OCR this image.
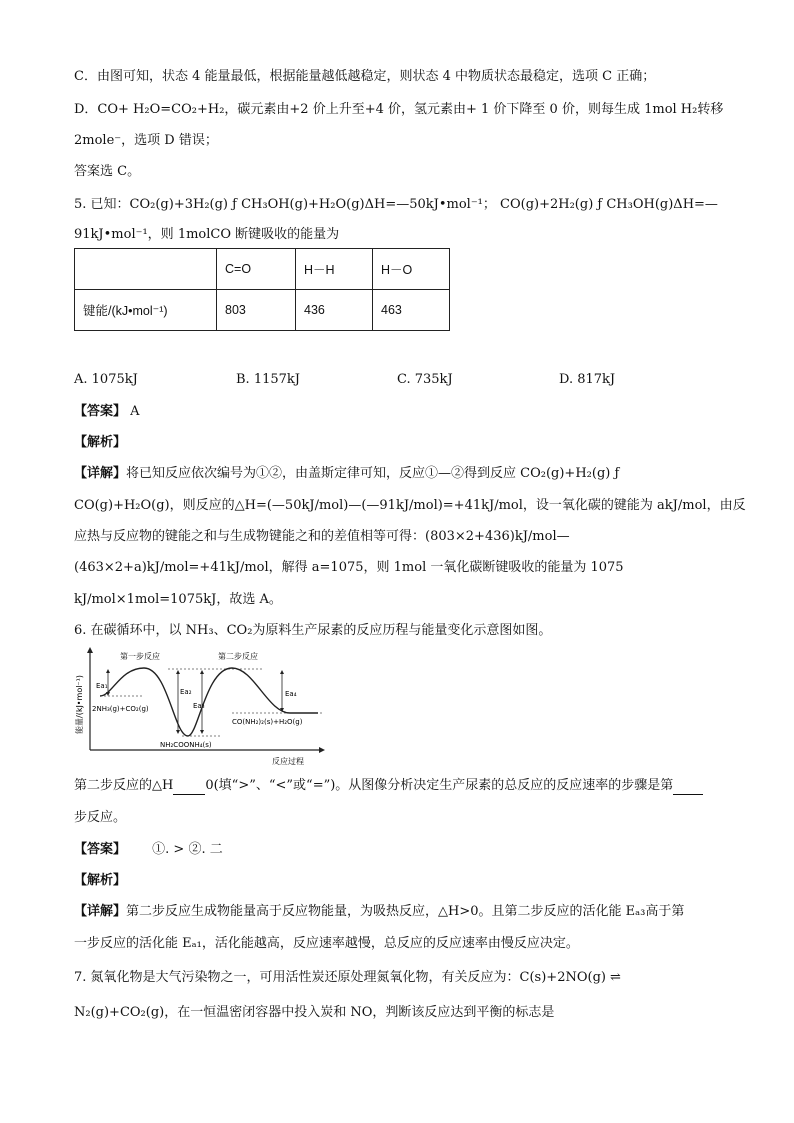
C．由图可知，状态 4 能量最低，根据能量越低越稳定，则状态 4 中物质状态最稳定，选项 C 正确；
D．CO+ H₂O=CO₂+H₂，碳元素由+2 价上升至+4 价，氢元素由+ 1 价下降至 0 价，则每生成 1mol H₂转移
2mole⁻，选项 D 错误；
答案选 C。
5. 已知：CO₂(g)+3H₂(g) ƒ CH₃OH(g)+H₂O(g)ΔH=—50kJ•mol⁻¹； CO(g)+2H₂(g) ƒ CH₃OH(g)ΔH=—
91kJ•mol⁻¹，则 1molCO 断键吸收的能量为
	C=O	H－H	H－O
键能/(kJ•mol⁻¹)	803	436	463
A. 1075kJ	B. 1157kJ	C. 735kJ	D. 817kJ
【答案】 A
【解析】
【详解】将已知反应依次编号为①②，由盖斯定律可知，反应①—②得到反应 CO₂(g)+H₂(g) ƒ
CO(g)+H₂O(g)，则反应的△H=(—50kJ/mol)—(—91kJ/mol)=+41kJ/mol，设一氧化碳的键能为 akJ/mol，由反
应热与反应物的键能之和与生成物键能之和的差值相等可得：(803×2+436)kJ/mol—
(463×2+a)kJ/mol=+41kJ/mol，解得 a=1075，则 1mol 一氧化碳断键吸收的能量为 1075
kJ/mol×1mol=1075kJ，故选 A。
6. 在碳循环中，以 NH₃、CO₂为原料生产尿素的反应历程与能量变化示意图如图。
能量/(kJ•mol⁻¹)
反应过程
Ea₁
Ea₂
Ea₃
Ea₄
第一步反应	第二步反应
2NH₃(g)+CO₂(g)
NH₂COONH₄(s)
CO(NH₂)₂(s)+H₂O(g)
第二步反应的△H 0(填“>”、“<”或“=”)。从图像分析决定生产尿素的总反应的反应速率的步骤是第
步反应。
【答案】 ①. > ②. 二
【解析】
【详解】第二步反应生成物能量高于反应物能量，为吸热反应，△H>0。且第二步反应的活化能 Eₐ₃高于第
一步反应的活化能 Eₐ₁，活化能越高，反应速率越慢，总反应的反应速率由慢反应决定。
7. 氮氧化物是大气污染物之一，可用活性炭还原处理氮氧化物，有关反应为：C(s)+2NO(g) ⇌
N₂(g)+CO₂(g)，在一恒温密闭容器中投入炭和 NO，判断该反应达到平衡的标志是
